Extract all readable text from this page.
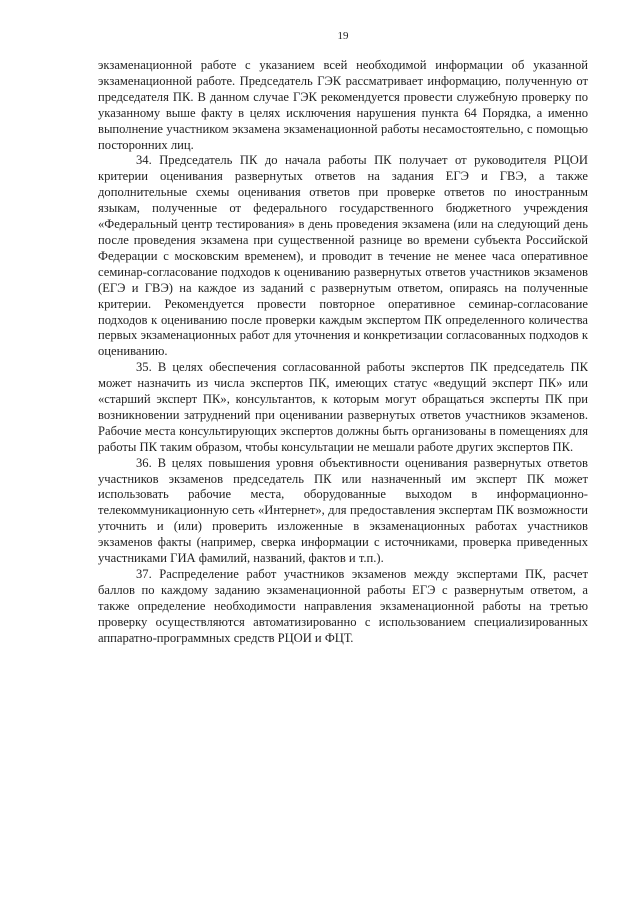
19

экзаменационной работе с указанием всей необходимой информации об указанной экзаменационной работе. Председатель ГЭК рассматривает информацию, полученную от председателя ПК. В данном случае ГЭК рекомендуется провести служебную проверку по указанному выше факту в целях исключения нарушения пункта 64 Порядка, а именно выполнение участником экзамена экзаменационной работы несамостоятельно, с помощью посторонних лиц.

34. Председатель ПК до начала работы ПК получает от руководителя РЦОИ критерии оценивания развернутых ответов на задания ЕГЭ и ГВЭ, а также дополнительные схемы оценивания ответов при проверке ответов по иностранным языкам, полученные от федерального государственного бюджетного учреждения «Федеральный центр тестирования» в день проведения экзамена (или на следующий день после проведения экзамена при существенной разнице во времени субъекта Российской Федерации с московским временем), и проводит в течение не менее часа оперативное семинар-согласование подходов к оцениванию развернутых ответов участников экзаменов (ЕГЭ и ГВЭ) на каждое из заданий с развернутым ответом, опираясь на полученные критерии. Рекомендуется провести повторное оперативное семинар-согласование подходов к оцениванию после проверки каждым экспертом ПК определенного количества первых экзаменационных работ для уточнения и конкретизации согласованных подходов к оцениванию.

35. В целях обеспечения согласованной работы экспертов ПК председатель ПК может назначить из числа экспертов ПК, имеющих статус «ведущий эксперт ПК» или «старший эксперт ПК», консультантов, к которым могут обращаться эксперты ПК при возникновении затруднений при оценивании развернутых ответов участников экзаменов. Рабочие места консультирующих экспертов должны быть организованы в помещениях для работы ПК таким образом, чтобы консультации не мешали работе других экспертов ПК.

36. В целях повышения уровня объективности оценивания развернутых ответов участников экзаменов председатель ПК или назначенный им эксперт ПК может использовать рабочие места, оборудованные выходом в информационно-телекоммуникационную сеть «Интернет», для предоставления экспертам ПК возможности уточнить и (или) проверить изложенные в экзаменационных работах участников экзаменов факты (например, сверка информации с источниками, проверка приведенных участниками ГИА фамилий, названий, фактов и т.п.).

37. Распределение работ участников экзаменов между экспертами ПК, расчет баллов по каждому заданию экзаменационной работы ЕГЭ с развернутым ответом, а также определение необходимости направления экзаменационной работы на третью проверку осуществляются автоматизированно с использованием специализированных аппаратно-программных средств РЦОИ и ФЦТ.
